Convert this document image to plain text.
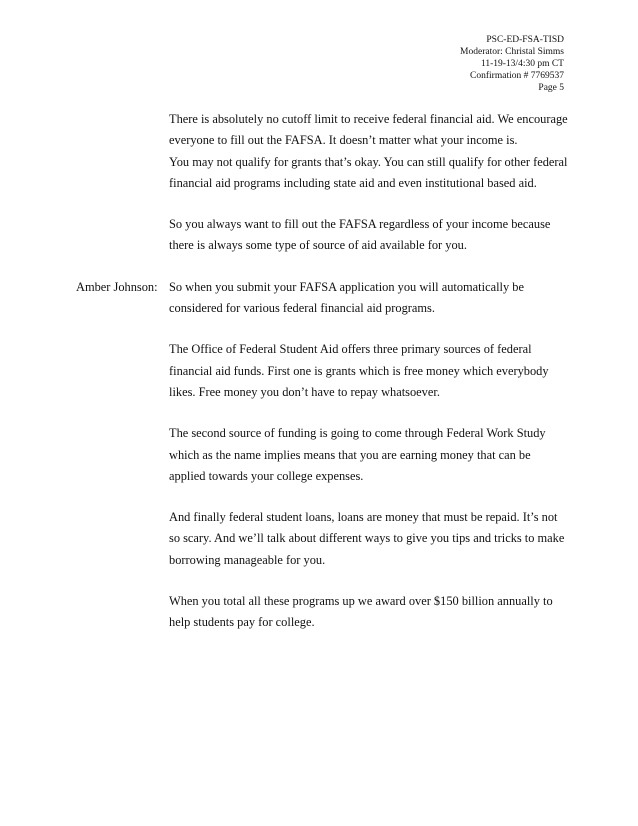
PSC-ED-FSA-TISD
Moderator: Christal Simms
11-19-13/4:30 pm CT
Confirmation # 7769537
Page 5

There is absolutely no cutoff limit to receive federal financial aid. We encourage everyone to fill out the FAFSA. It doesn’t matter what your income is.

You may not qualify for grants that’s okay. You can still qualify for other federal financial aid programs including state aid and even institutional based aid.

So you always want to fill out the FAFSA regardless of your income because there is always some type of source of aid available for you.

Amber Johnson: So when you submit your FAFSA application you will automatically be considered for various federal financial aid programs.

The Office of Federal Student Aid offers three primary sources of federal financial aid funds. First one is grants which is free money which everybody likes. Free money you don’t have to repay whatsoever.

The second source of funding is going to come through Federal Work Study which as the name implies means that you are earning money that can be applied towards your college expenses.

And finally federal student loans, loans are money that must be repaid. It’s not so scary. And we’ll talk about different ways to give you tips and tricks to make borrowing manageable for you.

When you total all these programs up we award over $150 billion annually to help students pay for college.
